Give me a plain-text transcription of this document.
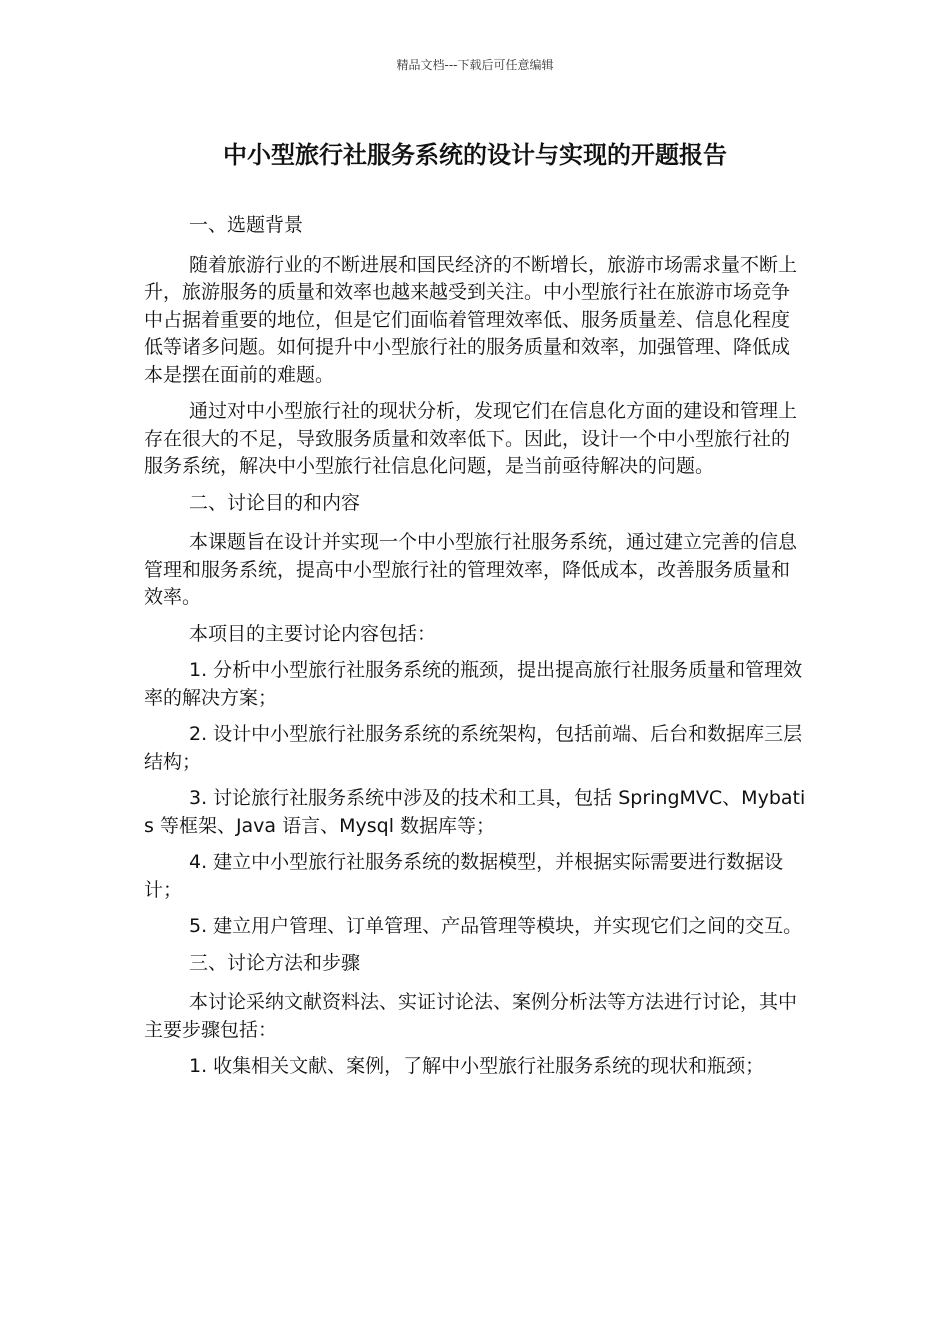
精品文档---下载后可任意编辑
中小型旅行社服务系统的设计与实现的开题报告

一、选题背景

随着旅游行业的不断进展和国民经济的不断增长，旅游市场需求量不断上升，旅游服务的质量和效率也越来越受到关注。中小型旅行社在旅游市场竞争中占据着重要的地位，但是它们面临着管理效率低、服务质量差、信息化程度低等诸多问题。如何提升中小型旅行社的服务质量和效率，加强管理、降低成本是摆在面前的难题。

通过对中小型旅行社的现状分析，发现它们在信息化方面的建设和管理上存在很大的不足，导致服务质量和效率低下。因此，设计一个中小型旅行社的服务系统，解决中小型旅行社信息化问题，是当前亟待解决的问题。

二、讨论目的和内容

本课题旨在设计并实现一个中小型旅行社服务系统，通过建立完善的信息管理和服务系统，提高中小型旅行社的管理效率，降低成本，改善服务质量和效率。

本项目的主要讨论内容包括：

1. 分析中小型旅行社服务系统的瓶颈，提出提高旅行社服务质量和管理效率的解决方案；

2. 设计中小型旅行社服务系统的系统架构，包括前端、后台和数据库三层结构；

3. 讨论旅行社服务系统中涉及的技术和工具，包括 SpringMVC、Mybatis 等框架、Java 语言、Mysql 数据库等；

4. 建立中小型旅行社服务系统的数据模型，并根据实际需要进行数据设计；

5. 建立用户管理、订单管理、产品管理等模块，并实现它们之间的交互。

三、讨论方法和步骤

本讨论采纳文献资料法、实证讨论法、案例分析法等方法进行讨论，其中主要步骤包括：

1. 收集相关文献、案例，了解中小型旅行社服务系统的现状和瓶颈；
